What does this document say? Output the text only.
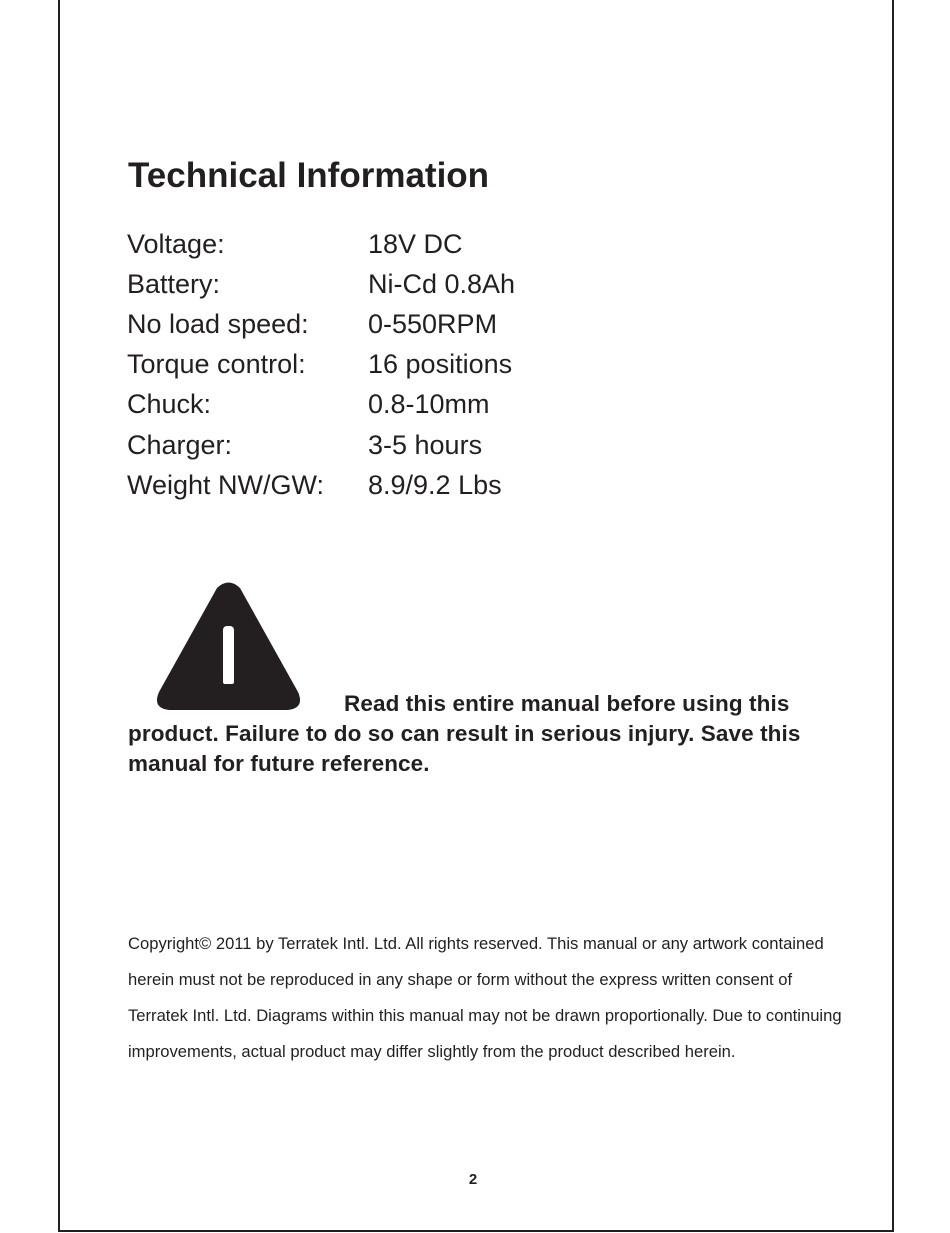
Technical Information
Voltage:	18V DC
Battery:	Ni-Cd 0.8Ah
No load speed:	0-550RPM
Torque control:	16 positions
Chuck:	0.8-10mm
Charger:	3-5 hours
Weight NW/GW:	8.9/9.2 Lbs

Read this entire manual before using this product. Failure to do so can result in serious injury. Save this manual for future reference.

Copyright© 2011 by Terratek Intl. Ltd. All rights reserved. This manual or any artwork contained herein must not be reproduced in any shape or form without the express written consent of Terratek Intl. Ltd. Diagrams within this manual may not be drawn proportionally. Due to continuing improvements, actual product may differ slightly from the product described herein.

2
